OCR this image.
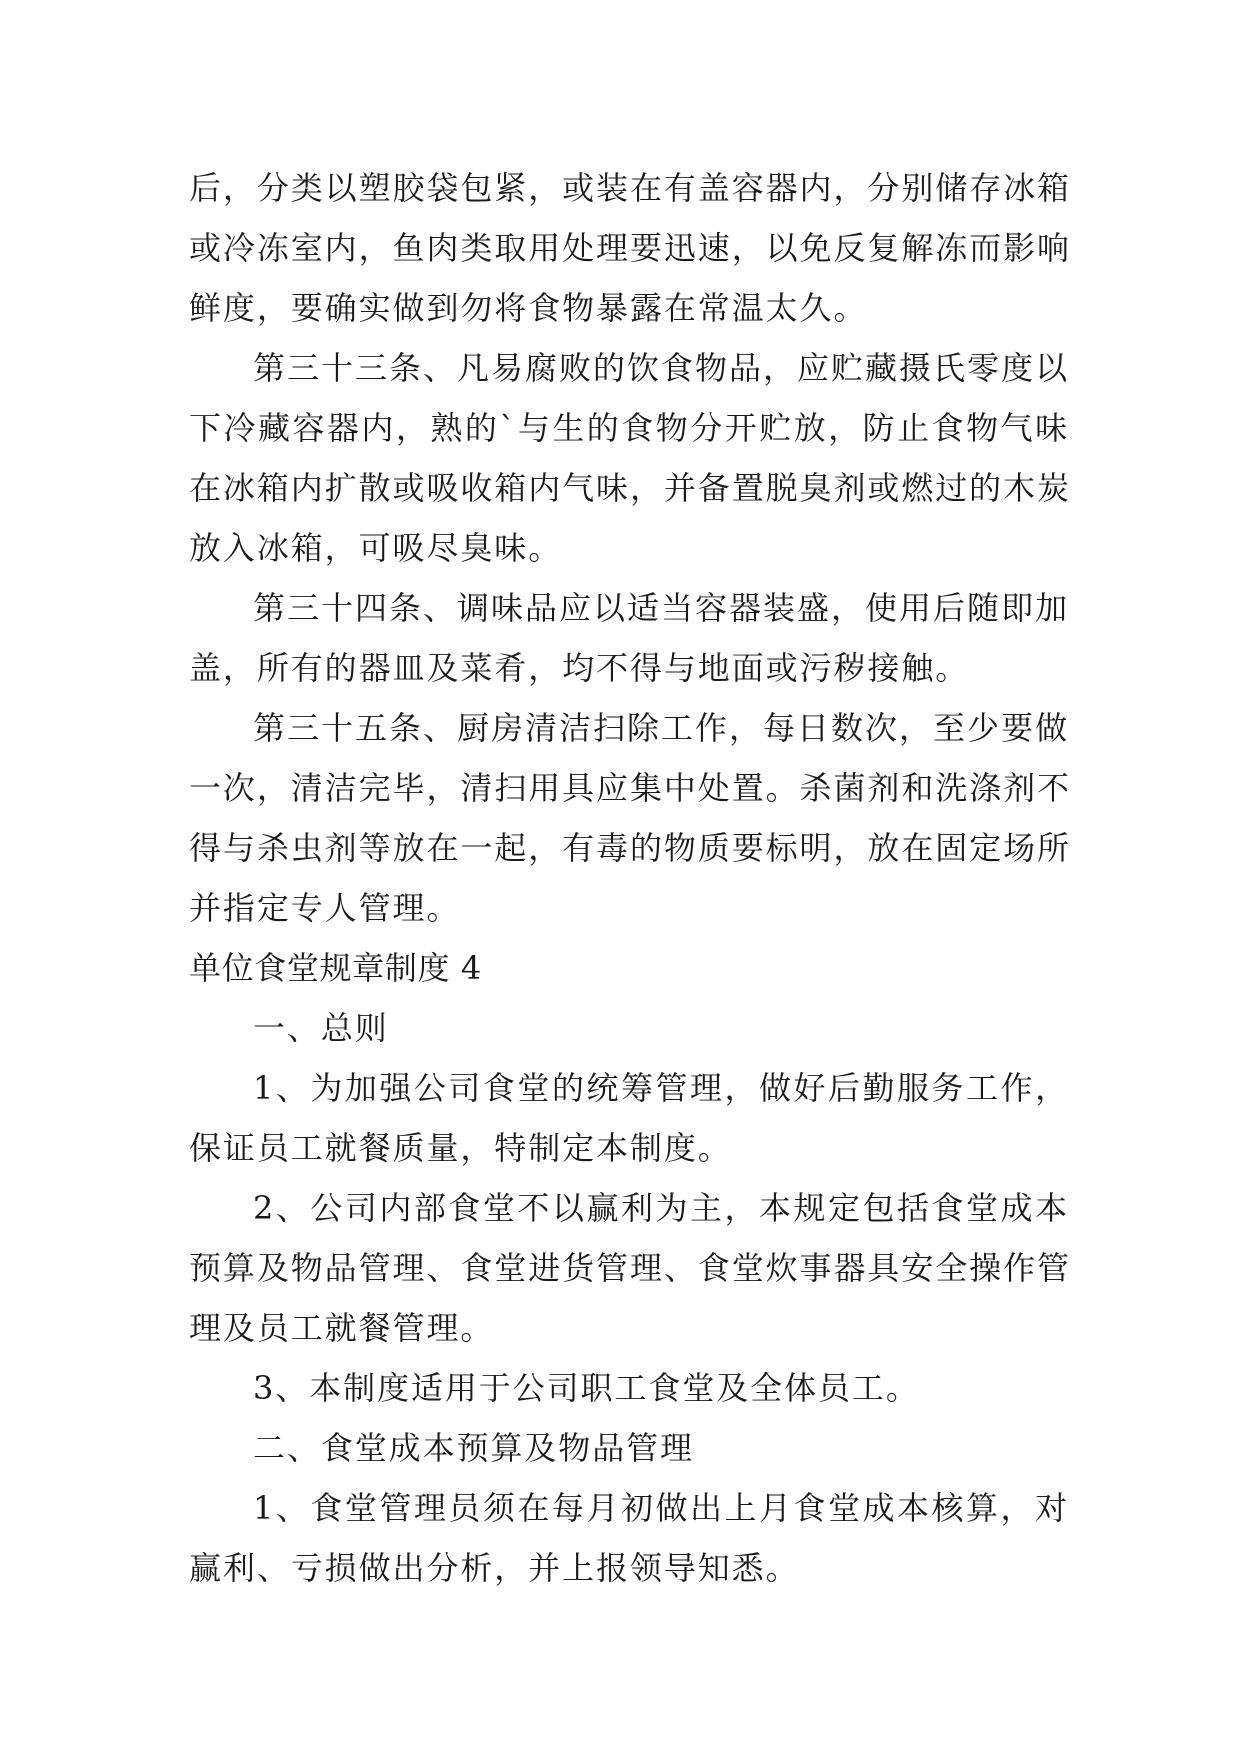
后，分类以塑胶袋包紧，或装在有盖容器内，分别储存冰箱
或冷冻室内，鱼肉类取用处理要迅速，以免反复解冻而影响
鲜度，要确实做到勿将食物暴露在常温太久。
第三十三条、凡易腐败的饮食物品，应贮藏摄氏零度以
下冷藏容器内，熟的`与生的食物分开贮放，防止食物气味
在冰箱内扩散或吸收箱内气味，并备置脱臭剂或燃过的木炭
放入冰箱，可吸尽臭味。
第三十四条、调味品应以适当容器装盛，使用后随即加
盖，所有的器皿及菜肴，均不得与地面或污秽接触。
第三十五条、厨房清洁扫除工作，每日数次，至少要做
一次，清洁完毕，清扫用具应集中处置。杀菌剂和洗涤剂不
得与杀虫剂等放在一起，有毒的物质要标明，放在固定场所
并指定专人管理。
单位食堂规章制度 4
一、总则
1、为加强公司食堂的统筹管理，做好后勤服务工作，
保证员工就餐质量，特制定本制度。
2、公司内部食堂不以赢利为主，本规定包括食堂成本
预算及物品管理、食堂进货管理、食堂炊事器具安全操作管
理及员工就餐管理。
3、本制度适用于公司职工食堂及全体员工。
二、食堂成本预算及物品管理
1、食堂管理员须在每月初做出上月食堂成本核算，对
赢利、亏损做出分析，并上报领导知悉。
